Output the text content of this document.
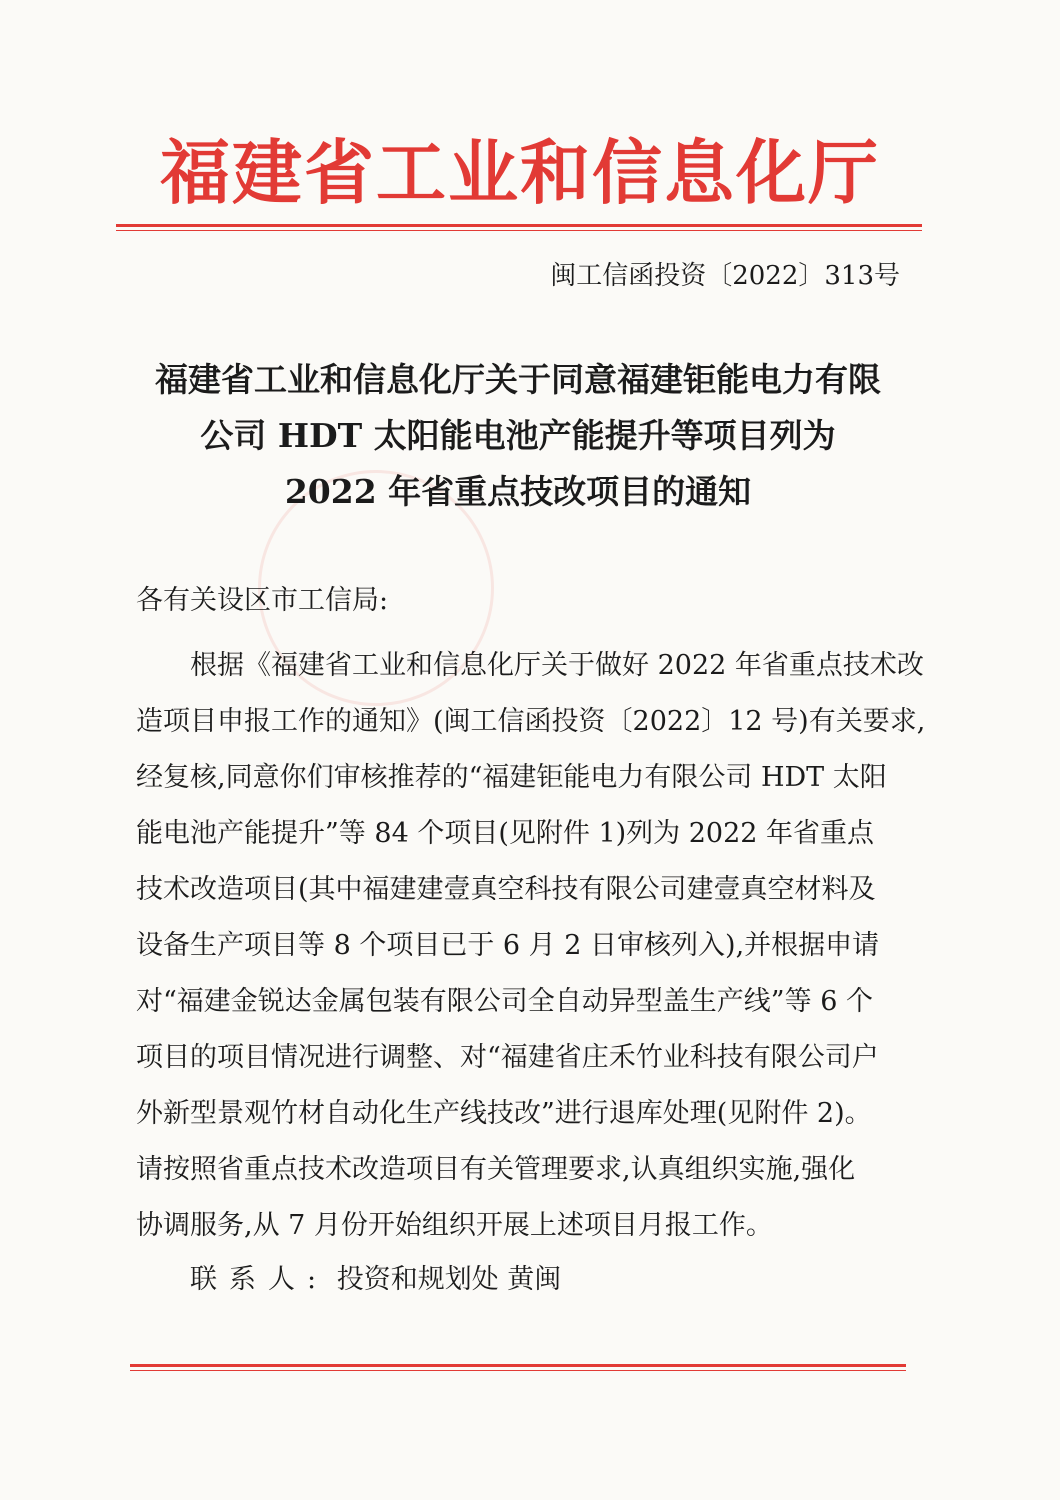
福建省工业和信息化厅
闽工信函投资〔2022〕313号
福建省工业和信息化厅关于同意福建钜能电力有限
公司 HDT 太阳能电池产能提升等项目列为
2022 年省重点技改项目的通知
各有关设区市工信局:
根据《福建省工业和信息化厅关于做好 2022 年省重点技术改
造项目申报工作的通知》(闽工信函投资〔2022〕12 号)有关要求,
经复核,同意你们审核推荐的“福建钜能电力有限公司 HDT 太阳
能电池产能提升”等 84 个项目(见附件 1)列为 2022 年省重点
技术改造项目(其中福建建壹真空科技有限公司建壹真空材料及
设备生产项目等 8 个项目已于 6 月 2 日审核列入),并根据申请
对“福建金锐达金属包装有限公司全自动异型盖生产线”等 6 个
项目的项目情况进行调整、对“福建省庄禾竹业科技有限公司户
外新型景观竹材自动化生产线技改”进行退库处理(见附件 2)。
请按照省重点技术改造项目有关管理要求,认真组织实施,强化
协调服务,从 7 月份开始组织开展上述项目月报工作。
联系人: 投资和规划处 黄闽
